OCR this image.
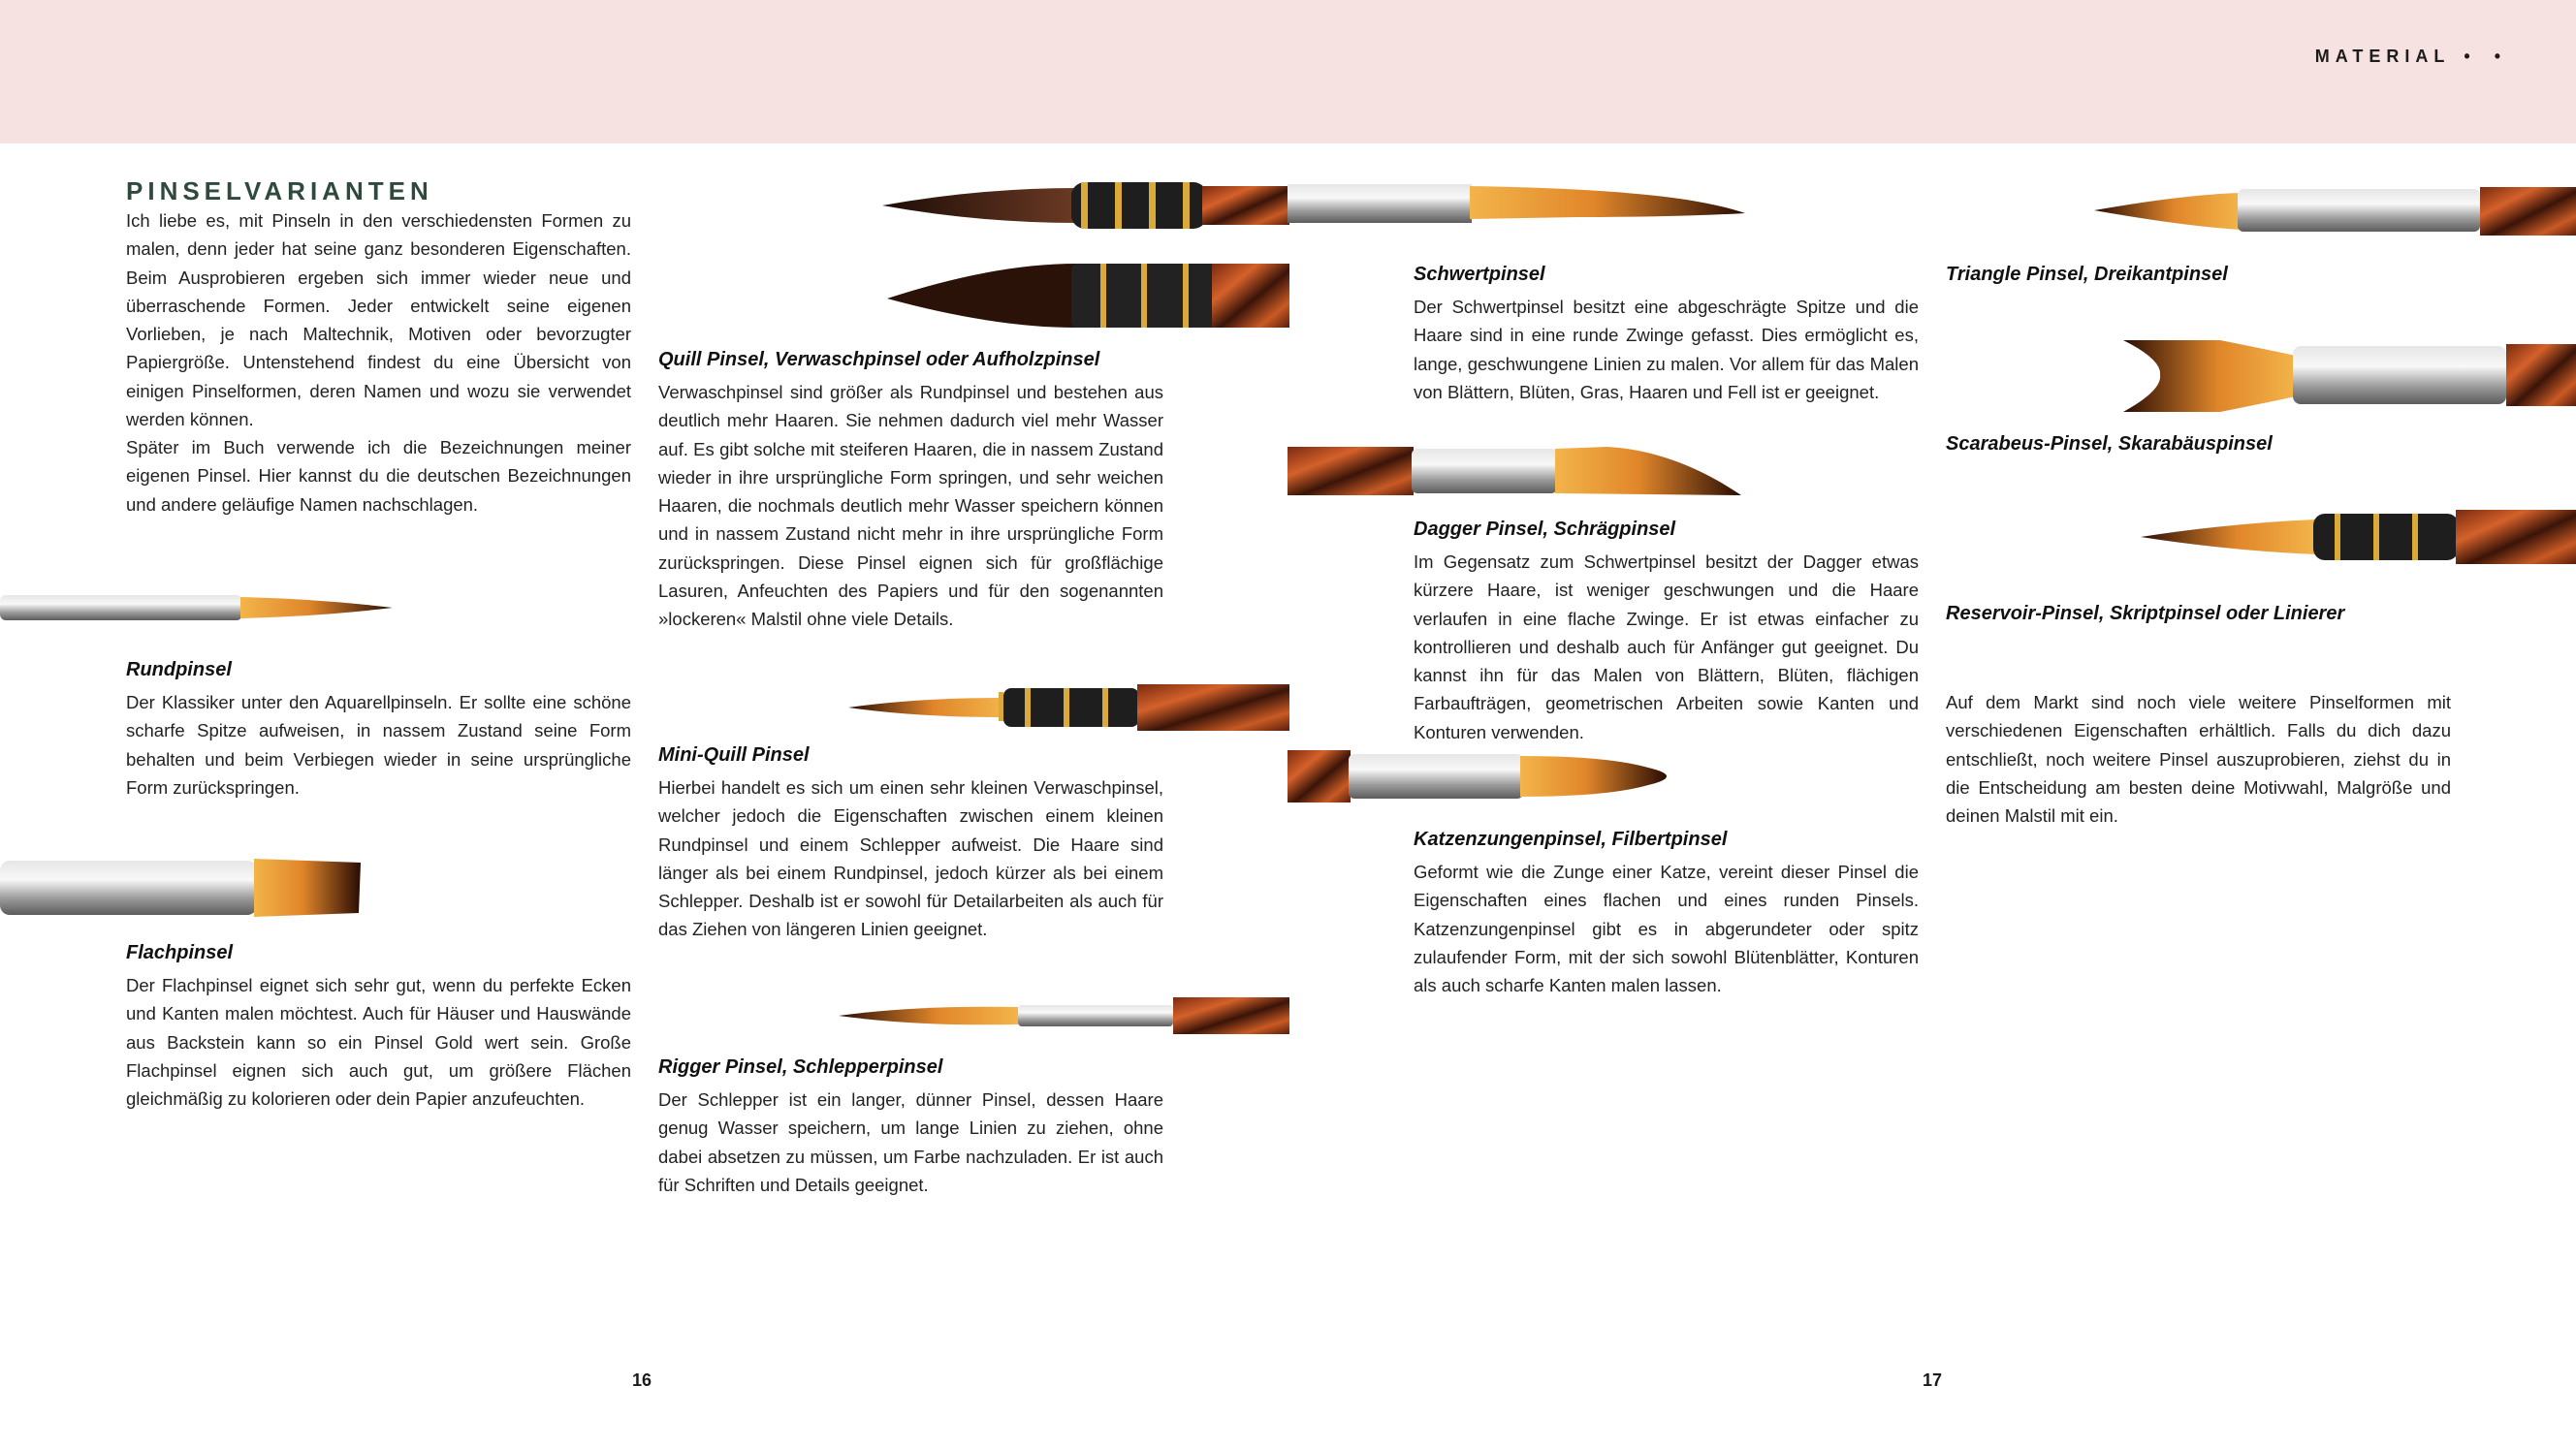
MATERIAL • •
PINSELVARIANTEN

Ich liebe es, mit Pinseln in den verschiedensten Formen zu malen, denn jeder hat seine ganz besonderen Eigenschaften. Beim Ausprobieren ergeben sich immer wieder neue und überraschende Formen. Jeder entwickelt seine eigenen Vorlieben, je nach Maltechnik, Motiven oder bevorzugter Papiergröße. Untenstehend findest du eine Übersicht von einigen Pinselformen, deren Namen und wozu sie verwendet werden können.

Später im Buch verwende ich die Bezeichnungen meiner eigenen Pinsel. Hier kannst du die deutschen Bezeichnungen und andere geläufige Namen nachschlagen.

Rundpinsel

Der Klassiker unter den Aquarellpinseln. Er sollte eine schöne scharfe Spitze aufweisen, in nassem Zustand seine Form behalten und beim Verbiegen wieder in seine ursprüngliche Form zurückspringen.

Flachpinsel

Der Flachpinsel eignet sich sehr gut, wenn du perfekte Ecken und Kanten malen möchtest. Auch für Häuser und Hauswände aus Backstein kann so ein Pinsel Gold wert sein. Große Flachpinsel eignen sich auch gut, um größere Flächen gleichmäßig zu kolorieren oder dein Papier anzufeuchten.

Quill Pinsel, Verwaschpinsel oder Aufholzpinsel

Verwaschpinsel sind größer als Rundpinsel und bestehen aus deutlich mehr Haaren. Sie nehmen dadurch viel mehr Wasser auf. Es gibt solche mit steiferen Haaren, die in nassem Zustand wieder in ihre ursprüngliche Form springen, und sehr weichen Haaren, die nochmals deutlich mehr Wasser speichern können und in nassem Zustand nicht mehr in ihre ursprüngliche Form zurückspringen. Diese Pinsel eignen sich für großflächige Lasuren, Anfeuchten des Papiers und für den sogenannten »lockeren« Malstil ohne viele Details.

Mini-Quill Pinsel

Hierbei handelt es sich um einen sehr kleinen Verwaschpinsel, welcher jedoch die Eigenschaften zwischen einem kleinen Rundpinsel und einem Schlepper aufweist. Die Haare sind länger als bei einem Rundpinsel, jedoch kürzer als bei einem Schlepper. Deshalb ist er sowohl für Detailarbeiten als auch für das Ziehen von längeren Linien geeignet.

Rigger Pinsel, Schlepperpinsel

Der Schlepper ist ein langer, dünner Pinsel, dessen Haare genug Wasser speichern, um lange Linien zu ziehen, ohne dabei absetzen zu müssen, um Farbe nachzuladen. Er ist auch für Schriften und Details geeignet.

Schwertpinsel

Der Schwertpinsel besitzt eine abgeschrägte Spitze und die Haare sind in eine runde Zwinge gefasst. Dies ermöglicht es, lange, geschwungene Linien zu malen. Vor allem für das Malen von Blättern, Blüten, Gras, Haaren und Fell ist er geeignet.

Dagger Pinsel, Schrägpinsel

Im Gegensatz zum Schwertpinsel besitzt der Dagger etwas kürzere Haare, ist weniger geschwungen und die Haare verlaufen in eine flache Zwinge. Er ist etwas einfacher zu kontrollieren und deshalb auch für Anfänger gut geeignet. Du kannst ihn für das Malen von Blättern, Blüten, flächigen Farbaufträgen, geometrischen Arbeiten sowie Kanten und Konturen verwenden.

Katzenzungenpinsel, Filbertpinsel

Geformt wie die Zunge einer Katze, vereint dieser Pinsel die Eigenschaften eines flachen und eines runden Pinsels. Katzenzungenpinsel gibt es in abgerundeter oder spitz zulaufender Form, mit der sich sowohl Blütenblätter, Konturen als auch scharfe Kanten malen lassen.

Triangle Pinsel, Dreikantpinsel
Scarabeus-Pinsel, Skarabäuspinsel
Reservoir-Pinsel, Skriptpinsel oder Linierer

Auf dem Markt sind noch viele weitere Pinselformen mit verschiedenen Eigenschaften erhältlich. Falls du dich dazu entschließt, noch weitere Pinsel auszuprobieren, ziehst du in die Entscheidung am besten deine Motivwahl, Malgröße und deinen Malstil mit ein.

16	17
